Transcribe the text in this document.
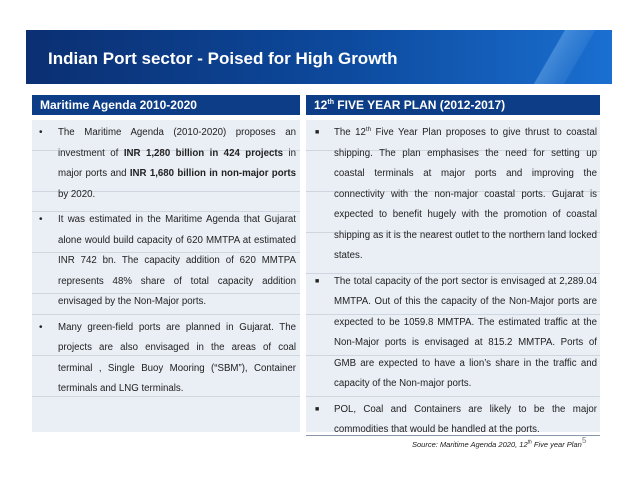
Indian Port sector - Poised for High Growth
Maritime Agenda 2010-2020	12th FIVE YEAR PLAN (2012-2017)
• The Maritime Agenda (2010-2020) proposes an investment of INR 1,280 billion in 424 projects in major ports and INR 1,680 billion in non-major ports by 2020.
• It was estimated in the Maritime Agenda that Gujarat alone would build capacity of 620 MMTPA at estimated INR 742 bn. The capacity addition of 620 MMTPA represents 48% share of total capacity addition envisaged by the Non-Major ports.
• Many green-field ports are planned in Gujarat. The projects are also envisaged in the areas of coal terminal , Single Buoy Mooring (“SBM”), Container terminals and LNG terminals.
■ The 12th Five Year Plan proposes to give thrust to coastal shipping. The plan emphasises the need for setting up coastal terminals at major ports and improving the connectivity with the non-major coastal ports. Gujarat is expected to benefit hugely with the promotion of coastal shipping as it is the nearest outlet to the northern land locked states.
■ The total capacity of the port sector is envisaged at 2,289.04 MMTPA. Out of this the capacity of the Non-Major ports are expected to be 1059.8 MMTPA. The estimated traffic at the Non-Major ports is envisaged at 815.2 MMTPA. Ports of GMB are expected to have a lion’s share in the traffic and capacity of the Non-major ports.
■ POL, Coal and Containers are likely to be the major commodities that would be handled at the ports.
Source: Maritime Agenda 2020, 12th Five year Plan 5
